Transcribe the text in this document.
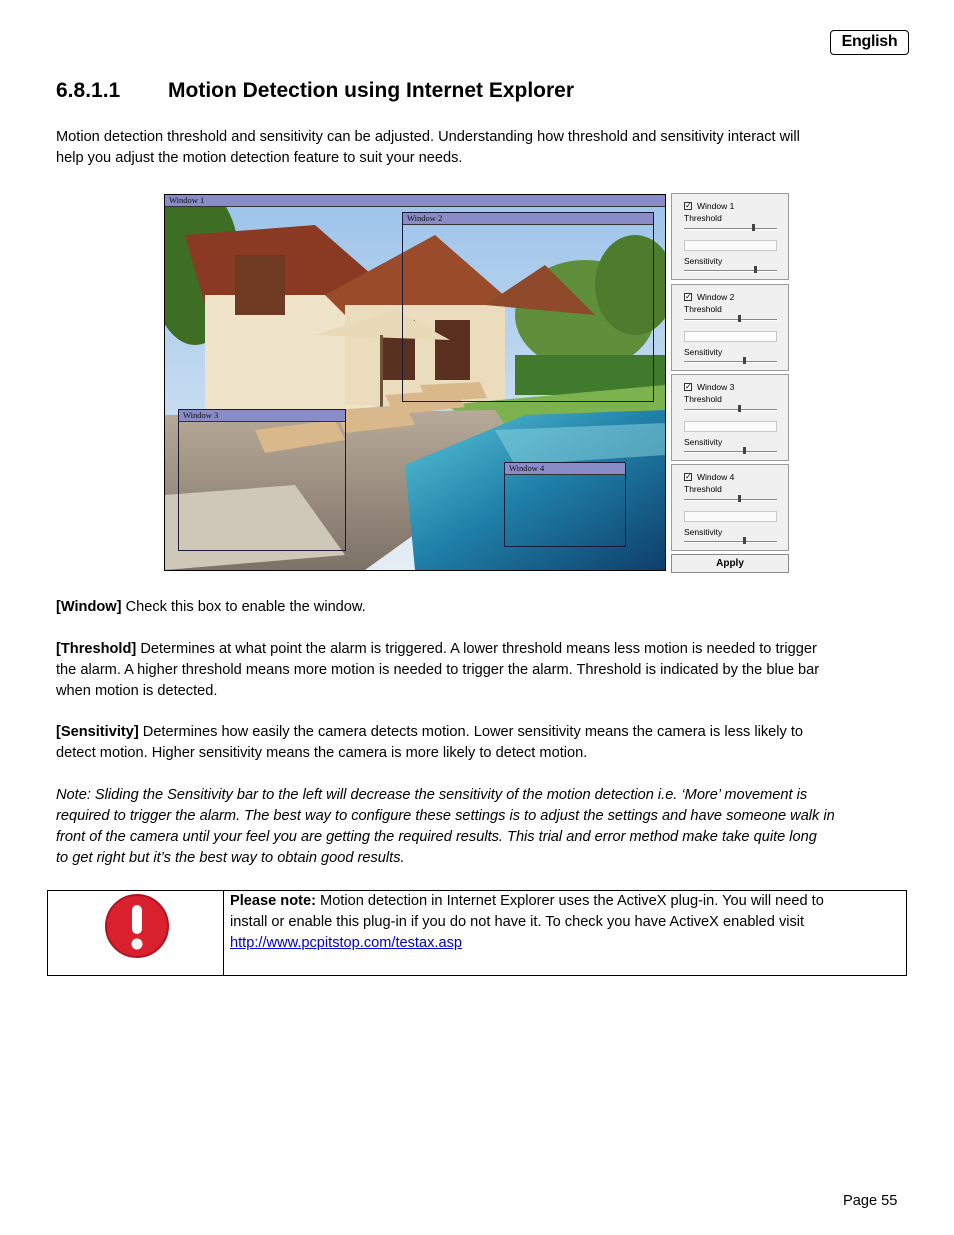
English
6.8.1.1 Motion Detection using Internet Explorer
Motion detection threshold and sensitivity can be adjusted. Understanding how threshold and sensitivity interact will
help you adjust the motion detection feature to suit your needs.
Window 1
Window 2
Window 3
Window 4
✓ Window 1
Threshold
Sensitivity
✓ Window 2
Threshold
Sensitivity
✓ Window 3
Threshold
Sensitivity
✓ Window 4
Threshold
Sensitivity
Apply
[Window] Check this box to enable the window.
[Threshold] Determines at what point the alarm is triggered. A lower threshold means less motion is needed to trigger
the alarm. A higher threshold means more motion is needed to trigger the alarm. Threshold is indicated by the blue bar
when motion is detected.
[Sensitivity] Determines how easily the camera detects motion. Lower sensitivity means the camera is less likely to
detect motion. Higher sensitivity means the camera is more likely to detect motion.
Note: Sliding the Sensitivity bar to the left will decrease the sensitivity of the motion detection i.e. ‘More’ movement is
required to trigger the alarm. The best way to configure these settings is to adjust the settings and have someone walk in
front of the camera until your feel you are getting the required results. This trial and error method make take quite long
to get right but it’s the best way to obtain good results.
Please note: Motion detection in Internet Explorer uses the ActiveX plug-in. You will need to
install or enable this plug-in if you do not have it. To check you have ActiveX enabled visit
http://www.pcpitstop.com/testax.asp
Page 55
